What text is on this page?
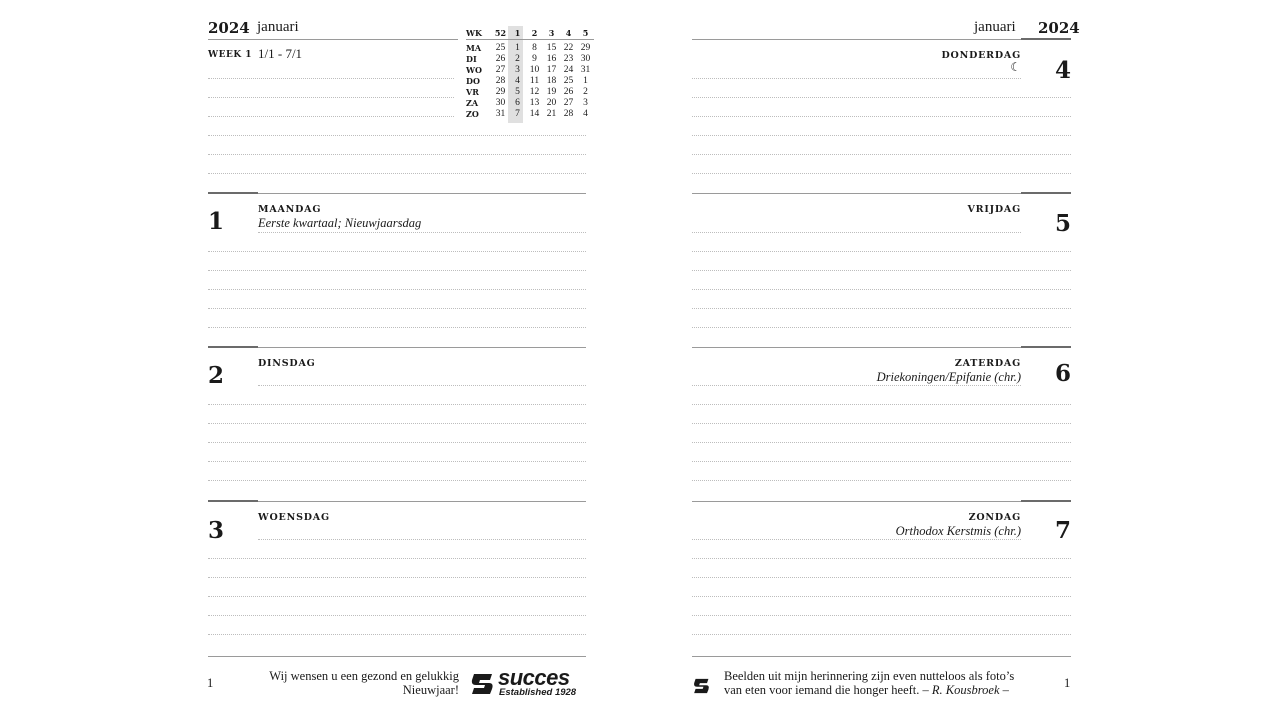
2024 januari
WEEK 1 1/1 - 7/1
WK	52	1	2	3	4	5

MA	25	1	8	15	22	29
DI	26	2	9	16	23	30
WO	27	3	10	17	24	31
DO	28	4	11	18	25	1
VR	29	5	12	19	26	2
ZA	30	6	13	20	27	3
ZO	31	7	14	21	28	4
1	MAANDAG
Eerste kwartaal; Nieuwjaarsdag
2	DINSDAG
3	WOENSDAG
1	Wij wensen u een gezond en gelukkig
Nieuwjaar! succes
Established 1928
januari 2024
DONDERDAG
☾	4
VRIJDAG
5
ZATERDAG
Driekoningen/Epifanie (chr.)	6
ZONDAG
Orthodox Kerstmis (chr.)	7
Beelden uit mijn herinnering zijn even nutteloos als foto’s
van eten voor iemand die honger heeft. – R. Kousbroek –	1
